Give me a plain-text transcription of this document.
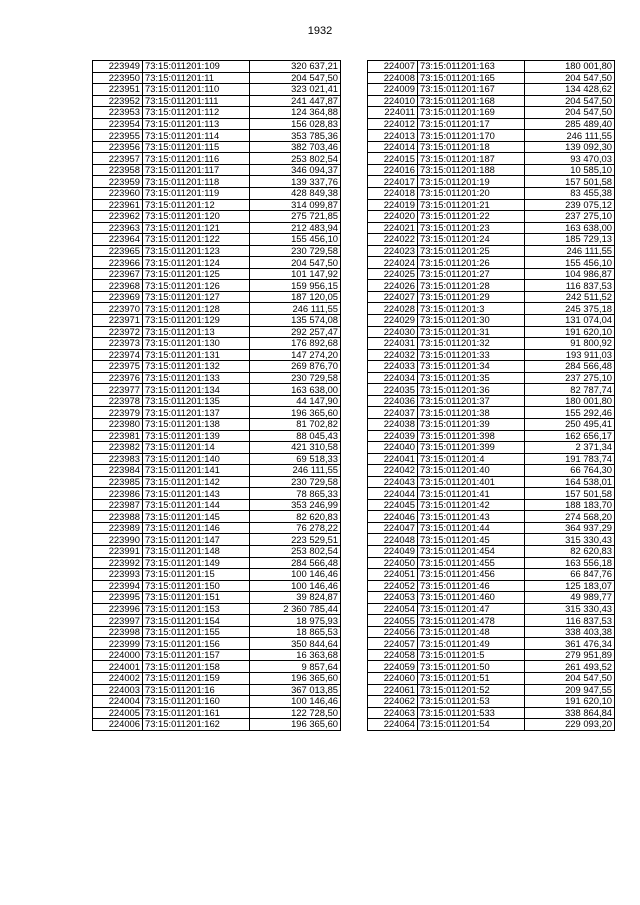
1932
223949	73:15:011201:109	320 637,21
223950	73:15:011201:11	204 547,50
223951	73:15:011201:110	323 021,41
223952	73:15:011201:111	241 447,87
223953	73:15:011201:112	124 364,88
223954	73:15:011201:113	156 028,83
223955	73:15:011201:114	353 785,36
223956	73:15:011201:115	382 703,46
223957	73:15:011201:116	253 802,54
223958	73:15:011201:117	346 094,37
223959	73:15:011201:118	139 337,76
223960	73:15:011201:119	428 849,38
223961	73:15:011201:12	314 099,87
223962	73:15:011201:120	275 721,85
223963	73:15:011201:121	212 483,94
223964	73:15:011201:122	155 456,10
223965	73:15:011201:123	230 729,58
223966	73:15:011201:124	204 547,50
223967	73:15:011201:125	101 147,92
223968	73:15:011201:126	159 956,15
223969	73:15:011201:127	187 120,05
223970	73:15:011201:128	246 111,55
223971	73:15:011201:129	135 574,08
223972	73:15:011201:13	292 257,47
223973	73:15:011201:130	176 892,68
223974	73:15:011201:131	147 274,20
223975	73:15:011201:132	269 876,70
223976	73:15:011201:133	230 729,58
223977	73:15:011201:134	163 638,00
223978	73:15:011201:135	44 147,90
223979	73:15:011201:137	196 365,60
223980	73:15:011201:138	81 702,82
223981	73:15:011201:139	88 045,43
223982	73:15:011201:14	421 310,58
223983	73:15:011201:140	69 518,33
223984	73:15:011201:141	246 111,55
223985	73:15:011201:142	230 729,58
223986	73:15:011201:143	78 865,33
223987	73:15:011201:144	353 246,99
223988	73:15:011201:145	82 620,83
223989	73:15:011201:146	76 278,22
223990	73:15:011201:147	223 529,51
223991	73:15:011201:148	253 802,54
223992	73:15:011201:149	284 566,48
223993	73:15:011201:15	100 146,46
223994	73:15:011201:150	100 146,46
223995	73:15:011201:151	39 824,87
223996	73:15:011201:153	2 360 785,44
223997	73:15:011201:154	18 975,93
223998	73:15:011201:155	18 865,53
223999	73:15:011201:156	350 844,64
224000	73:15:011201:157	16 363,68
224001	73:15:011201:158	9 857,64
224002	73:15:011201:159	196 365,60
224003	73:15:011201:16	367 013,85
224004	73:15:011201:160	100 146,46
224005	73:15:011201:161	122 728,50
224006	73:15:011201:162	196 365,60
224007	73:15:011201:163	180 001,80
224008	73:15:011201:165	204 547,50
224009	73:15:011201:167	134 428,62
224010	73:15:011201:168	204 547,50
224011	73:15:011201:169	204 547,50
224012	73:15:011201:17	285 489,40
224013	73:15:011201:170	246 111,55
224014	73:15:011201:18	139 092,30
224015	73:15:011201:187	93 470,03
224016	73:15:011201:188	10 585,10
224017	73:15:011201:19	157 501,58
224018	73:15:011201:20	83 455,38
224019	73:15:011201:21	239 075,12
224020	73:15:011201:22	237 275,10
224021	73:15:011201:23	163 638,00
224022	73:15:011201:24	185 729,13
224023	73:15:011201:25	246 111,55
224024	73:15:011201:26	155 456,10
224025	73:15:011201:27	104 986,87
224026	73:15:011201:28	116 837,53
224027	73:15:011201:29	242 511,52
224028	73:15:011201:3	245 375,18
224029	73:15:011201:30	131 074,04
224030	73:15:011201:31	191 620,10
224031	73:15:011201:32	91 800,92
224032	73:15:011201:33	193 911,03
224033	73:15:011201:34	284 566,48
224034	73:15:011201:35	237 275,10
224035	73:15:011201:36	82 787,74
224036	73:15:011201:37	180 001,80
224037	73:15:011201:38	155 292,46
224038	73:15:011201:39	250 495,41
224039	73:15:011201:398	162 656,17
224040	73:15:011201:399	2 371,34
224041	73:15:011201:4	191 783,74
224042	73:15:011201:40	66 764,30
224043	73:15:011201:401	164 538,01
224044	73:15:011201:41	157 501,58
224045	73:15:011201:42	188 183,70
224046	73:15:011201:43	274 568,20
224047	73:15:011201:44	364 937,29
224048	73:15:011201:45	315 330,43
224049	73:15:011201:454	82 620,83
224050	73:15:011201:455	163 556,18
224051	73:15:011201:456	66 847,76
224052	73:15:011201:46	125 183,07
224053	73:15:011201:460	49 989,77
224054	73:15:011201:47	315 330,43
224055	73:15:011201:478	116 837,53
224056	73:15:011201:48	338 403,38
224057	73:15:011201:49	361 476,34
224058	73:15:011201:5	279 951,89
224059	73:15:011201:50	261 493,52
224060	73:15:011201:51	204 547,50
224061	73:15:011201:52	209 947,55
224062	73:15:011201:53	191 620,10
224063	73:15:011201:533	338 864,84
224064	73:15:011201:54	229 093,20
